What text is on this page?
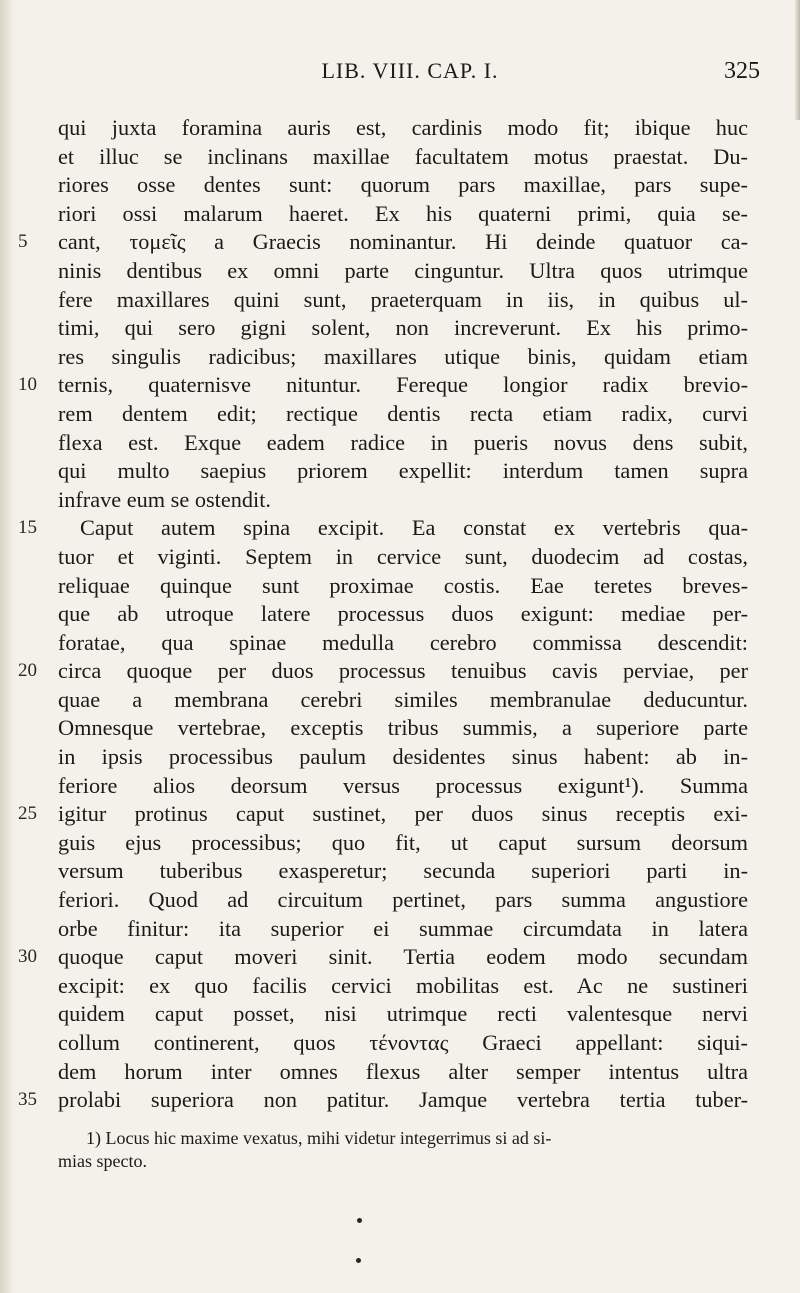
LIB. VIII. CAP. I.	325
qui juxta foramina auris est, cardinis modo fit; ibique huc
et illuc se inclinans maxillae facultatem motus praestat. Du-
riores osse dentes sunt: quorum pars maxillae, pars supe-
riori ossi malarum haeret. Ex his quaterni primi, quia se-
5	cant, τομεῖς a Graecis nominantur. Hi deinde quatuor ca-
ninis dentibus ex omni parte cinguntur. Ultra quos utrimque
fere maxillares quini sunt, praeterquam in iis, in quibus ul-
timi, qui sero gigni solent, non increverunt. Ex his primo-
res singulis radicibus; maxillares utique binis, quidam etiam
10 ternis, quaternisve nituntur. Fereque longior radix brevio-
rem dentem edit; rectique dentis recta etiam radix, curvi
flexa est. Exque eadem radice in pueris novus dens subit,
qui multo saepius priorem expellit: interdum tamen supra
infrave eum se ostendit.
15	Caput autem spina excipit. Ea constat ex vertebris qua-
tuor et viginti. Septem in cervice sunt, duodecim ad costas,
reliquae quinque sunt proximae costis. Eae teretes breves-
que ab utroque latere processus duos exigunt: mediae per-
foratae, qua spinae medulla cerebro commissa descendit:
20 circa quoque per duos processus tenuibus cavis perviae, per
quae a membrana cerebri similes membranulae deducuntur.
Omnesque vertebrae, exceptis tribus summis, a superiore parte
in ipsis processibus paulum desidentes sinus habent: ab in-
feriore alios deorsum versus processus exigunt¹). Summa
25 igitur protinus caput sustinet, per duos sinus receptis exi-
guis ejus processibus; quo fit, ut caput sursum deorsum
versum tuberibus exasperetur; secunda superiori parti in-
feriori. Quod ad circuitum pertinet, pars summa angustiore
orbe finitur: ita superior ei summae circumdata in latera
30 quoque caput moveri sinit. Tertia eodem modo secundam
excipit: ex quo facilis cervici mobilitas est. Ac ne sustineri
quidem caput posset, nisi utrimque recti valentesque nervi
collum continerent, quos τένοντας Graeci appellant: siqui-
dem horum inter omnes flexus alter semper intentus ultra
35 prolabi superiora non patitur. Jamque vertebra tertia tuber-
1) Locus hic maxime vexatus, mihi videtur integerrimus si ad si-
mias specto.
